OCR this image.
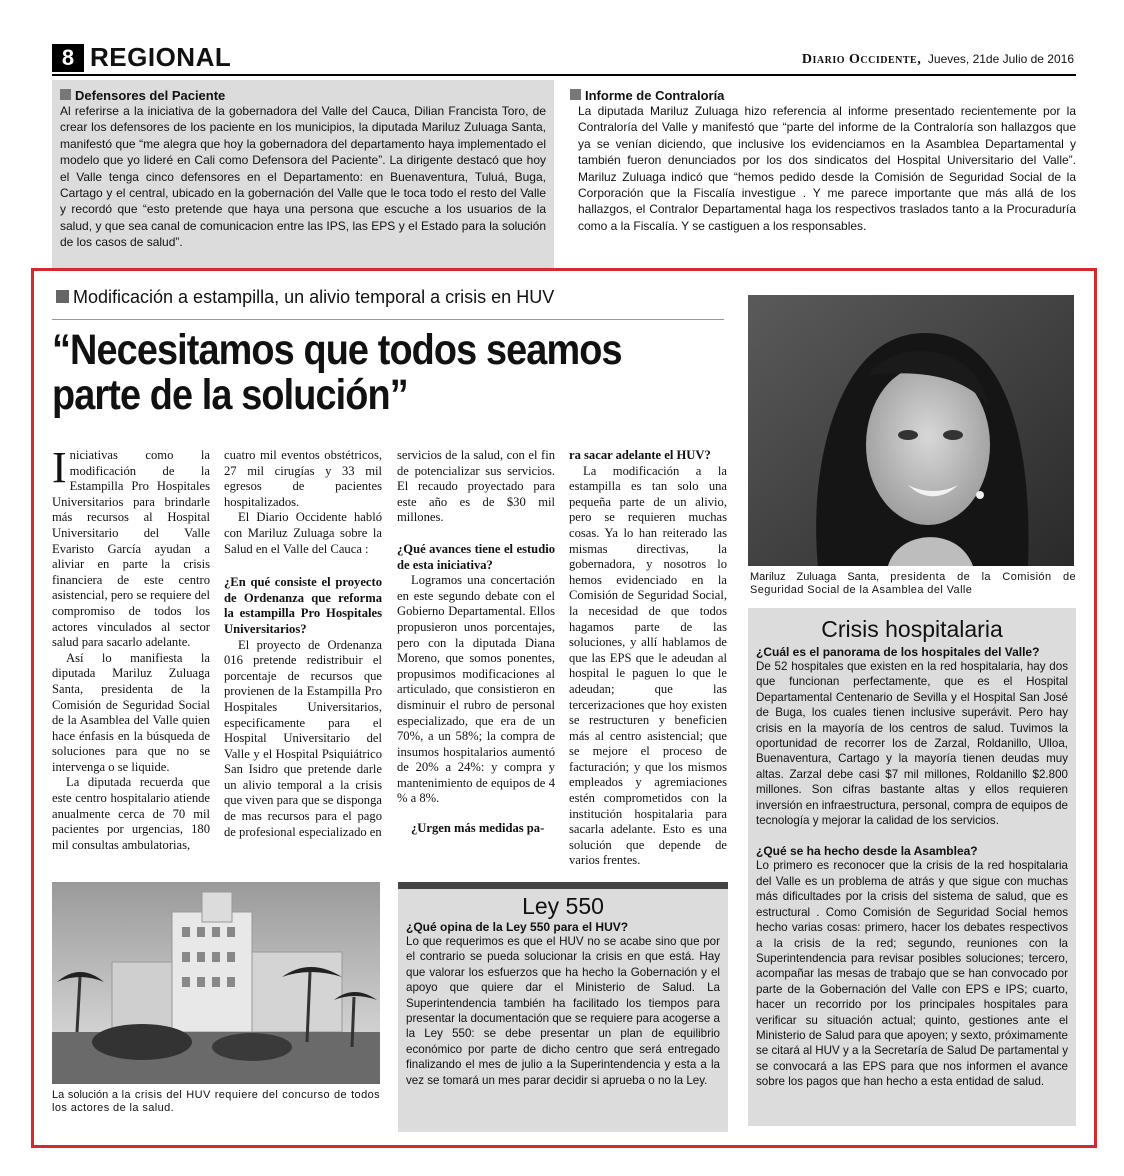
8 REGIONAL	Diario Occidente, Jueves, 21de Julio de 2016
Defensores del Paciente
Al referirse a la iniciativa de la gobernadora del Valle del Cauca, Dilian Francista Toro, de crear los defensores de los paciente en los municipios, la diputada Mariluz Zuluaga Santa, manifestó que “me alegra que hoy la gobernadora del departamento haya implementado el modelo que yo lideré en Cali como Defensora del Paciente”. La dirigente destacó que hoy el Valle tenga cinco defensores en el Departamento: en Buenaventura, Tuluá, Buga, Cartago y el central, ubicado en la gobernación del Valle que le toca todo el resto del Valle y recordó que “esto pretende que haya una persona que escuche a los usuarios de la salud, y que sea canal de comunicacion entre las IPS, las EPS y el Estado para la solución de los casos de salud”.
Informe de Contraloría
La diputada Mariluz Zuluaga hizo referencia al informe presentado recientemente por la Contraloría del Valle y manifestó que “parte del informe de la Contraloría son hallazgos que ya se venían diciendo, que inclusive los evidenciamos en la Asamblea Departamental y también fueron denunciados por los dos sindicatos del Hospital Universitario del Valle”. Mariluz Zuluaga indicó que “hemos pedido desde la Comisión de Seguridad Social de la Corporación que la Fiscalía investigue . Y me parece importante que más allá de los hallazgos, el Contralor Departamental haga los respectivos traslados tanto a la Procuraduría como a la Fiscalía. Y se castiguen a los responsables.
Modificación a estampilla, un alivio temporal a crisis en HUV
“Necesitamos que todos seamos parte de la solución”

Iniciativas como la modificación de la Estampilla Pro Hospitales Universitarios para brindarle más recursos al Hospital Universitario del Valle Evaristo García ayudan a aliviar en parte la crisis financiera de este centro asistencial, pero se requiere del compromiso de todos los actores vinculados al sector salud para sacarlo adelante.

Así lo manifiesta la diputada Mariluz Zuluaga Santa, presidenta de la Comisión de Seguridad Social de la Asamblea del Valle quien hace énfasis en la búsqueda de soluciones para que no se intervenga o se liquide.

La diputada recuerda que este centro hospitalario atiende anualmente cerca de 70 mil pacientes por urgencias, 180 mil consultas ambulatorias,

cuatro mil eventos obstétricos, 27 mil cirugías y 33 mil egresos de pacientes hospitalizados.

El Diario Occidente habló con Mariluz Zuluaga sobre la Salud en el Valle del Cauca :

¿En qué consiste el proyecto de Ordenanza que reforma la estampilla Pro Hospitales Universitarios?

El proyecto de Ordenanza 016 pretende redistribuir el porcentaje de recursos que provienen de la Estampilla Pro Hospitales Universitarios, especificamente para el Hospital Universitario del Valle y el Hospital Psiquiátrico San Isidro que pretende darle un alivio temporal a la crisis que viven para que se disponga de mas recursos para el pago de profesional especializado en

servicios de la salud, con el fin de potencializar sus servicios. El recaudo proyectado para este año es de $30 mil millones.

¿Qué avances tiene el estudio de esta iniciativa?

Logramos una concertación en este segundo debate con el Gobierno Departamental. Ellos propusieron unos porcentajes, pero con la diputada Diana Moreno, que somos ponentes, propusimos modificaciones al articulado, que consistieron en disminuir el rubro de personal especializado, que era de un 70%, a un 58%; la compra de insumos hospitalarios aumentó de 20% a 24%: y compra y mantenimiento de equipos de 4 % a 8%.

¿Urgen más medidas pa-

ra sacar adelante el HUV?

La modificación a la estampilla es tan solo una pequeña parte de un alivio, pero se requieren muchas cosas. Ya lo han reiterado las mismas directivas, la gobernadora, y nosotros lo hemos evidenciado en la Comisión de Seguridad Social, la necesidad de que todos hagamos parte de las soluciones, y allí hablamos de que las EPS que le adeudan al hospital le paguen lo que le adeudan; que las tercerizaciones que hoy existen se restructuren y beneficien más al centro asistencial; que se mejore el proceso de facturación; y que los mismos empleados y agremiaciones estén comprometidos con la institución hospitalaria para sacarla adelante. Esto es una solución que depende de varios frentes.

Mariluz Zuluaga Santa, presidenta de la Comisión de Seguridad Social de la Asamblea del Valle
Crisis hospitalaria
¿Cuál es el panorama de los hospitales del Valle?
De 52 hospitales que existen en la red hospitalaria, hay dos que funcionan perfectamente, que es el Hospital Departamental Centenario de Sevilla y el Hospital San José de Buga, los cuales tienen inclusive superávit. Pero hay crisis en la mayoría de los centros de salud. Tuvimos la oportunidad de recorrer los de Zarzal, Roldanillo, Ulloa, Buenaventura, Cartago y la mayoría tienen deudas muy altas. Zarzal debe casi $7 mil millones, Roldanillo $2.800 millones. Son cifras bastante altas y ellos requieren inversión en infraestructura, personal, compra de equipos de tecnología y mejorar la calidad de los servicios.
¿Qué se ha hecho desde la Asamblea?
Lo primero es reconocer que la crisis de la red hospitalaria del Valle es un problema de atrás y que sigue con muchas más dificultades por la crisis del sistema de salud, que es estructural . Como Comisión de Seguridad Social hemos hecho varias cosas: primero, hacer los debates respectivos a la crisis de la red; segundo, reuniones con la Superintendencia para revisar posibles soluciones; tercero, acompañar las mesas de trabajo que se han convocado por parte de la Gobernación del Valle con EPS e IPS; cuarto, hacer un recorrido por los principales hospitales para verificar su situación actual; quinto, gestiones ante el Ministerio de Salud para que apoyen; y sexto, próximamente se citará al HUV y a la Secretaría de Salud De partamental y se convocará a las EPS para que nos informen el avance sobre los pagos que han hecho a esta entidad de salud.
La solución a la crisis del HUV requiere del concurso de todos los actores de la salud.
Ley 550
¿Qué opina de la Ley 550 para el HUV?
Lo que requerimos es que el HUV no se acabe sino que por el contrario se pueda solucionar la crisis en que está. Hay que valorar los esfuerzos que ha hecho la Gobernación y el apoyo que quiere dar el Ministerio de Salud. La Superintendencia también ha facilitado los tiempos para presentar la documentación que se requiere para acogerse a la Ley 550: se debe presentar un plan de equilibrio económico por parte de dicho centro que será entregado finalizando el mes de julio a la Superintendencia y esta a la vez se tomará un mes parar decidir si aprueba o no la Ley.
